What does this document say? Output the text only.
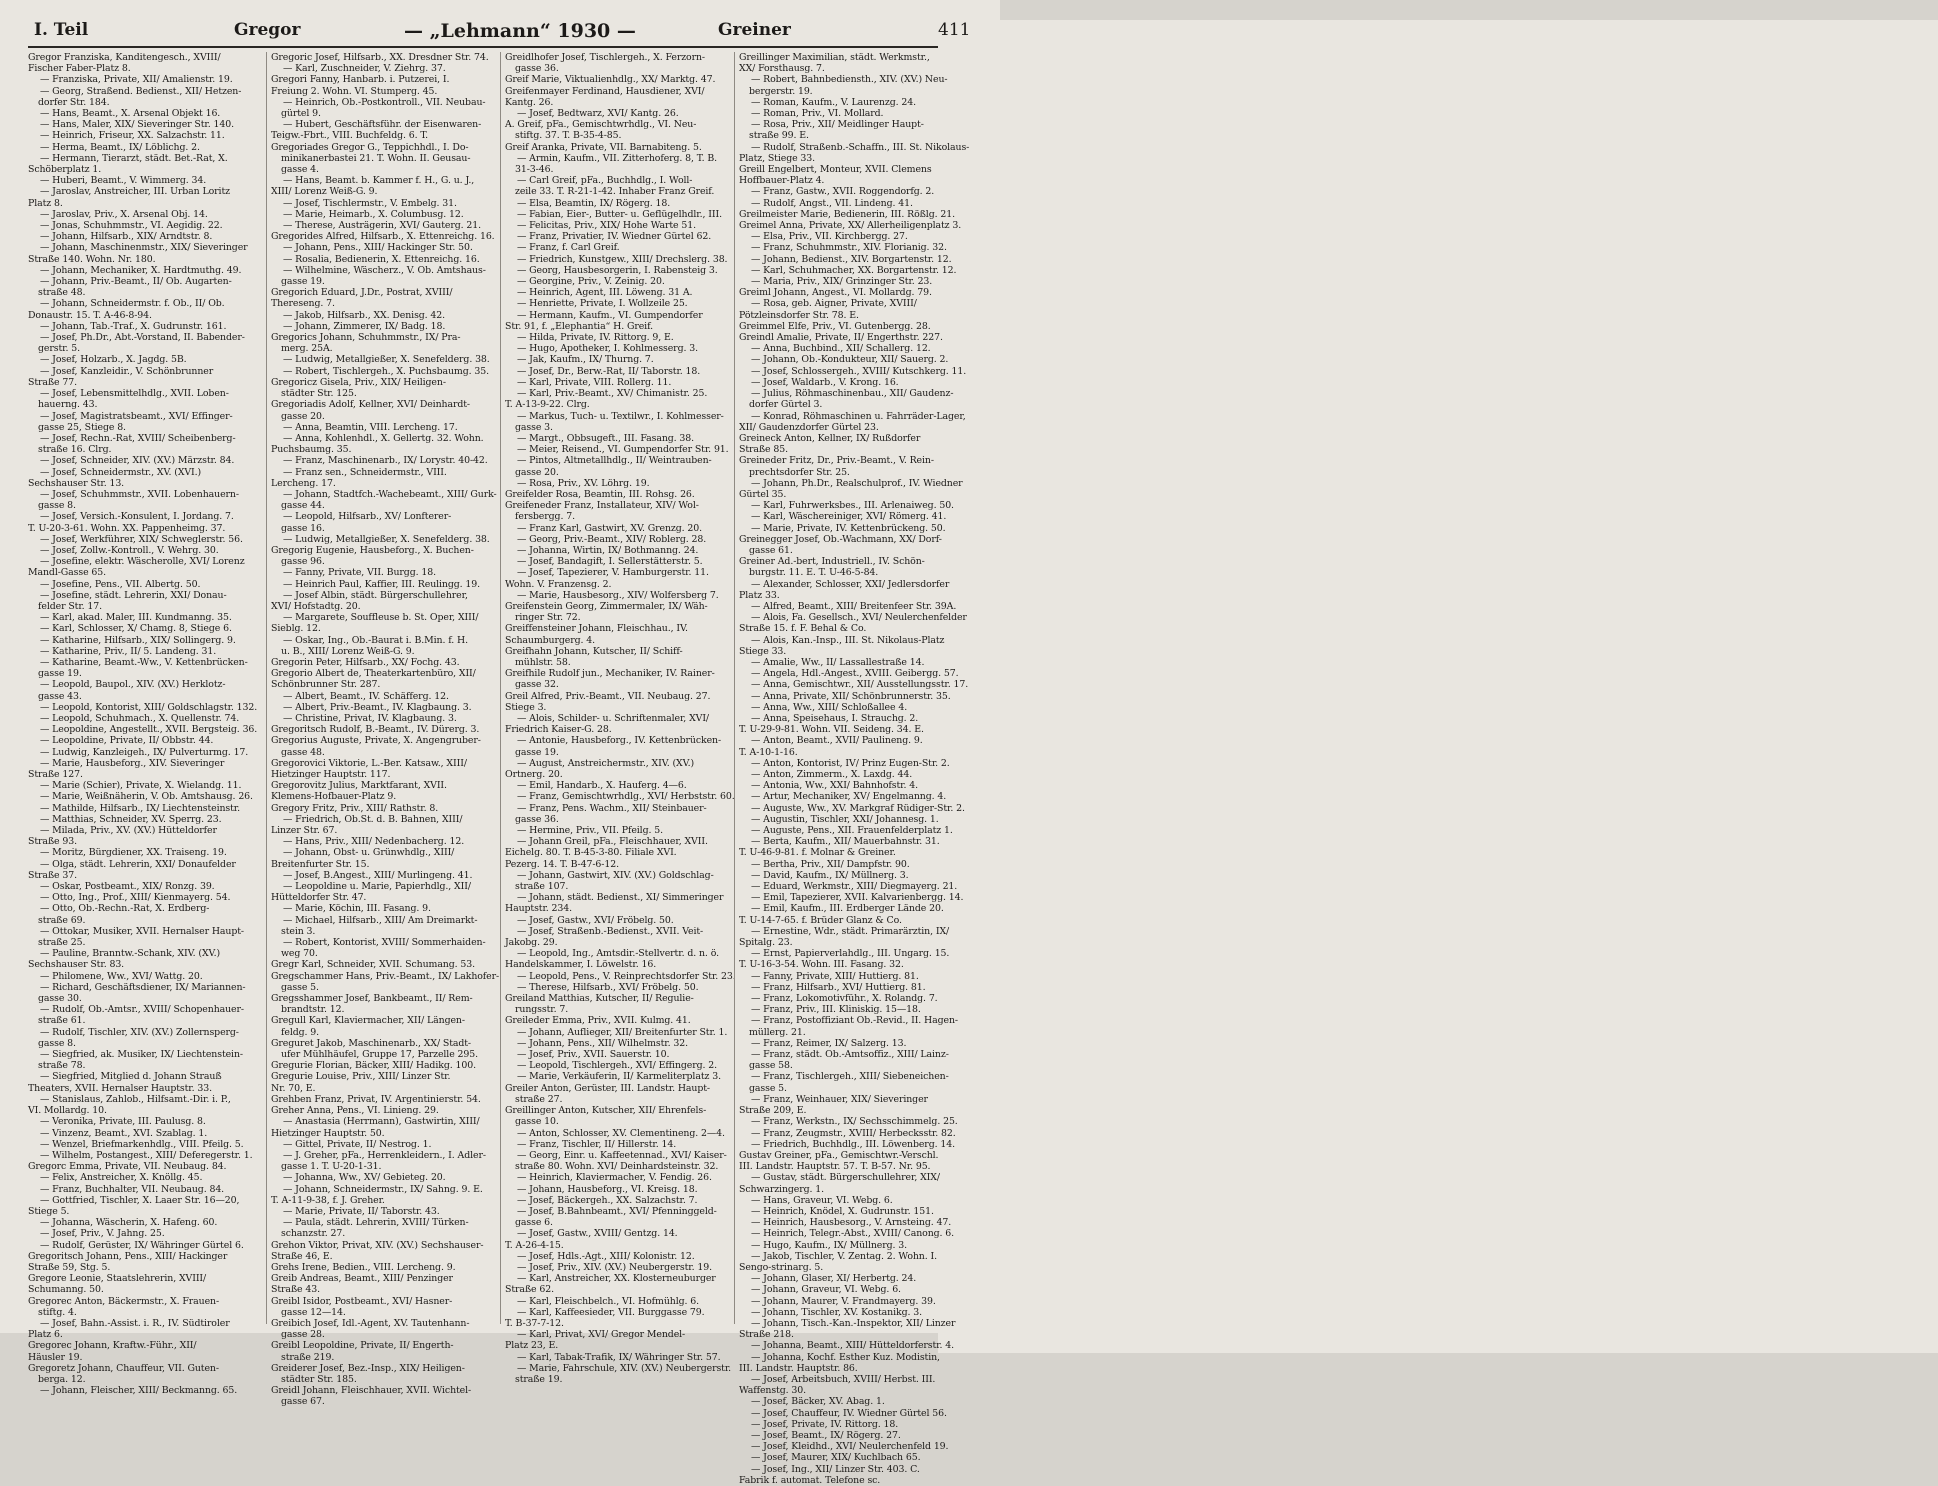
I. Teil	Gregor	— „Lehmann“ 1930 —	Greiner	411
Gregor Franziska, Kanditengesch., XVIII/
Fischer Faber-Platz 8.
— Franziska, Private, XII/ Amalienstr. 19.
— Georg, Straßend. Bedienst., XII/ Hetzen-
dorfer Str. 184.
— Hans, Beamt., X. Arsenal Objekt 16.
— Hans, Maler, XIX/ Sieveringer Str. 140.
— Heinrich, Friseur, XX. Salzachstr. 11.
— Herma, Beamt., IX/ Löblichg. 2.
— Hermann, Tierarzt, städt. Bet.-Rat, X.
Schöberplatz 1.
— Huberi, Beamt., V. Wimmerg. 34.
— Jaroslav, Anstreicher, III. Urban Loritz
Platz 8.
— Jaroslav, Priv., X. Arsenal Obj. 14.
— Jonas, Schuhmmstr., VI. Aegidig. 22.
— Johann, Hilfsarb., XIX/ Arndtstr. 8.
— Johann, Maschinenmstr., XIX/ Sieveringer
Straße 140. Wohn. Nr. 180.
— Johann, Mechaniker, X. Hardtmuthg. 49.
— Johann, Priv.-Beamt., II/ Ob. Augarten-
straße 48.
— Johann, Schneidermstr. f. Ob., II/ Ob.
Donaustr. 15. T. A-46-8-94.
— Johann, Tab.-Traf., X. Gudrunstr. 161.
— Josef, Ph.Dr., Abt.-Vorstand, II. Babender-
gerstr. 5.
— Josef, Holzarb., X. Jagdg. 5B.
— Josef, Kanzleidir., V. Schönbrunner
Straße 77.
— Josef, Lebensmittelhdlg., XVII. Loben-
hauerng. 43.
— Josef, Magistratsbeamt., XVI/ Effinger-
gasse 25, Stiege 8.
— Josef, Rechn.-Rat, XVIII/ Scheibenberg-
straße 16. Clrg.
— Josef, Schneider, XIV. (XV.) Märzstr. 84.
— Josef, Schneidermstr., XV. (XVI.)
Sechshauser Str. 13.
— Josef, Schuhmmstr., XVII. Lobenhauern-
gasse 8.
— Josef, Versich.-Konsulent, I. Jordang. 7.
T. U-20-3-61. Wohn. XX. Pappenheimg. 37.
— Josef, Werkführer, XIX/ Schweglerstr. 56.
— Josef, Zollw.-Kontroll., V. Wehrg. 30.
— Josefine, elektr. Wäscherolle, XVI/ Lorenz
Mandl-Gasse 65.
— Josefine, Pens., VII. Albertg. 50.
— Josefine, städt. Lehrerin, XXI/ Donau-
felder Str. 17.
— Karl, akad. Maler, III. Kundmanng. 35.
— Karl, Schlosser, X/ Chamg. 8, Stiege 6.
— Katharine, Hilfsarb., XIX/ Sollingerg. 9.
— Katharine, Priv., II/ 5. Landeng. 31.
— Katharine, Beamt.-Ww., V. Kettenbrücken-
gasse 19.
— Leopold, Baupol., XIV. (XV.) Herklotz-
gasse 43.
— Leopold, Kontorist, XIII/ Goldschlagstr. 132.
— Leopold, Schuhmach., X. Quellenstr. 74.
— Leopoldine, Angestellt., XVII. Bergsteig. 36.
— Leopoldine, Private, II/ Obbstr. 44.
— Ludwig, Kanzleigeh., IX/ Pulverturmg. 17.
— Marie, Hausbeforg., XIV. Sieveringer
Straße 127.
— Marie (Schier), Private, X. Wielandg. 11.
— Marie, Weißnäherin, V. Ob. Amtshausg. 26.
— Mathilde, Hilfsarb., IX/ Liechtensteinstr.
— Matthias, Schneider, XV. Sperrg. 23.
— Milada, Priv., XV. (XV.) Hütteldorfer
Straße 93.
— Moritz, Bürgdiener, XX. Traiseng. 19.
— Olga, städt. Lehrerin, XXI/ Donaufelder
Straße 37.
— Oskar, Postbeamt., XIX/ Ronzg. 39.
— Otto, Ing., Prof., XIII/ Kienmayerg. 54.
— Otto, Ob.-Rechn.-Rat, X. Erdberg-
straße 69.
— Ottokar, Musiker, XVII. Hernalser Haupt-
straße 25.
— Pauline, Branntw.-Schank, XIV. (XV.)
Sechshauser Str. 83.
— Philomene, Ww., XVI/ Wattg. 20.
— Richard, Geschäftsdiener, IX/ Mariannen-
gasse 30.
— Rudolf, Ob.-Amtsr., XVIII/ Schopenhauer-
straße 61.
— Rudolf, Tischler, XIV. (XV.) Zollernsperg-
gasse 8.
— Siegfried, ak. Musiker, IX/ Liechtenstein-
straße 78.
— Siegfried, Mitglied d. Johann Strauß
Theaters, XVII. Hernalser Hauptstr. 33.
— Stanislaus, Zahlob., Hilfsamt.-Dir. i. P.,
VI. Mollardg. 10.
— Veronika, Private, III. Paulusg. 8.
— Vinzenz, Beamt., XVI. Szablag. 1.
— Wenzel, Briefmarkenhdlg., VIII. Pfeilg. 5.
— Wilhelm, Postangest., XIII/ Deferegerstr. 1.
Gregorc Emma, Private, VII. Neubaug. 84.
— Felix, Anstreicher, X. Knöllg. 45.
— Franz, Buchhalter, VII. Neubaug. 84.
— Gottfried, Tischler, X. Laaer Str. 16—20,
Stiege 5.
— Johanna, Wäscherin, X. Hafeng. 60.
— Josef, Priv., V. Jahng. 25.
— Rudolf, Gerüster, IX/ Währinger Gürtel 6.
Gregoritsch Johann, Pens., XIII/ Hackinger
Straße 59, Stg. 5.
Gregore Leonie, Staatslehrerin, XVIII/
Schumanng. 50.
Gregorec Anton, Bäckermstr., X. Frauen-
stiftg. 4.
— Josef, Bahn.-Assist. i. R., IV. Südtiroler
Platz 6.
Gregorec Johann, Kraftw.-Führ., XII/
Häusler 19.
Gregoretz Johann, Chauffeur, VII. Guten-
berga. 12.
— Johann, Fleischer, XIII/ Beckmanng. 65.
Gregoric Josef, Hilfsarb., XX. Dresdner Str. 74.
— Karl, Zuschneider, V. Ziehrg. 37.
Gregori Fanny, Hanbarb. i. Putzerei, I.
Freiung 2. Wohn. VI. Stumperg. 45.
— Heinrich, Ob.-Postkontroll., VII. Neubau-
gürtel 9.
— Hubert, Geschäftsführ. der Eisenwaren-
Teigw.-Fbrt., VIII. Buchfeldg. 6. T.
Gregoriades Gregor G., Teppichhdl., I. Do-
minikanerbastei 21. T. Wohn. II. Geusau-
gasse 4.
— Hans, Beamt. b. Kammer f. H., G. u. J.,
XIII/ Lorenz Weiß-G. 9.
— Josef, Tischlermstr., V. Embelg. 31.
— Marie, Heimarb., X. Columbusg. 12.
— Therese, Austrägerin, XVI/ Gauterg. 21.
Gregorides Alfred, Hilfsarb., X. Ettenreichg. 16.
— Johann, Pens., XIII/ Hackinger Str. 50.
— Rosalia, Bedienerin, X. Ettenreichg. 16.
— Wilhelmine, Wäscherz., V. Ob. Amtshaus-
gasse 19.
Gregorich Eduard, J.Dr., Postrat, XVIII/
Thereseng. 7.
— Jakob, Hilfsarb., XX. Denisg. 42.
— Johann, Zimmerer, IX/ Badg. 18.
Gregorics Johann, Schuhmmstr., IX/ Pra-
merg. 25A.
— Ludwig, Metallgießer, X. Senefelderg. 38.
— Robert, Tischlergeh., X. Puchsbaumg. 35.
Gregoricz Gisela, Priv., XIX/ Heiligen-
städter Str. 125.
Gregoriadis Adolf, Kellner, XVI/ Deinhardt-
gasse 20.
— Anna, Beamtin, VIII. Lercheng. 17.
— Anna, Kohlenhdl., X. Gellertg. 32. Wohn.
Puchsbaumg. 35.
— Franz, Maschinenarb., IX/ Lorystr. 40-42.
— Franz sen., Schneidermstr., VIII.
Lercheng. 17.
— Johann, Stadtfch.-Wachebeamt., XIII/ Gurk-
gasse 44.
— Leopold, Hilfsarb., XV/ Lonfterer-
gasse 16.
— Ludwig, Metallgießer, X. Senefelderg. 38.
Gregorig Eugenie, Hausbeforg., X. Buchen-
gasse 96.
— Fanny, Private, VII. Burgg. 18.
— Heinrich Paul, Kaffier, III. Reulingg. 19.
— Josef Albin, städt. Bürgerschullehrer,
XVI/ Hofstadtg. 20.
— Margarete, Souffleuse b. St. Oper, XIII/
Sieblg. 12.
— Oskar, Ing., Ob.-Baurat i. B.Min. f. H.
u. B., XIII/ Lorenz Weiß-G. 9.
Gregorin Peter, Hilfsarb., XX/ Fochg. 43.
Gregorio Albert de, Theaterkartenbüro, XII/
Schönbrunner Str. 287.
— Albert, Beamt., IV. Schäfferg. 12.
— Albert, Priv.-Beamt., IV. Klagbaung. 3.
— Christine, Privat, IV. Klagbaung. 3.
Gregoritsch Rudolf, B.-Beamt., IV. Dürerg. 3.
Gregorius Auguste, Private, X. Angengruber-
gasse 48.
Gregorovici Viktorie, L.-Ber. Katsaw., XIII/
Hietzinger Hauptstr. 117.
Gregorovitz Julius, Marktfarant, XVII.
Klemens-Hofbauer-Platz 9.
Gregory Fritz, Priv., XIII/ Rathstr. 8.
— Friedrich, Ob.St. d. B. Bahnen, XIII/
Linzer Str. 67.
— Hans, Priv., XIII/ Nedenbacherg. 12.
— Johann, Obst- u. Grünwhdlg., XIII/
Breitenfurter Str. 15.
— Josef, B.Angest., XIII/ Murlingeng. 41.
— Leopoldine u. Marie, Papierhdlg., XII/
Hütteldorfer Str. 47.
— Marie, Köchin, III. Fasang. 9.
— Michael, Hilfsarb., XIII/ Am Dreimarkt-
stein 3.
— Robert, Kontorist, XVIII/ Sommerhaiden-
weg 70.
Gregr Karl, Schneider, XVII. Schumang. 53.
Gregschammer Hans, Priv.-Beamt., IX/ Lakhofer-
gasse 5.
Gregsshammer Josef, Bankbeamt., II/ Rem-
brandtstr. 12.
Gregull Karl, Klaviermacher, XII/ Längen-
feldg. 9.
Greguret Jakob, Maschinenarb., XX/ Stadt-
ufer Mühlhäufel, Gruppe 17, Parzelle 295.
Gregurie Florian, Bäcker, XIII/ Hadikg. 100.
Gregurie Louise, Priv., XIII/ Linzer Str.
Nr. 70, E.
Grehben Franz, Privat, IV. Argentinierstr. 54.
Greher Anna, Pens., VI. Linieng. 29.
— Anastasia (Herrmann), Gastwirtin, XIII/
Hietzinger Hauptstr. 50.
— Gittel, Private, II/ Nestrog. 1.
— J. Greher, pFa., Herrenkleidern., I. Adler-
gasse 1. T. U-20-1-31.
— Johanna, Ww., XV/ Gebieteg. 20.
— Johann, Schneidermstr., IX/ Sahng. 9. E.
T. A-11-9-38, f. J. Greher.
— Marie, Private, II/ Taborstr. 43.
— Paula, städt. Lehrerin, XVIII/ Türken-
schanzstr. 27.
Grehon Viktor, Privat, XIV. (XV.) Sechshauser-
Straße 46, E.
Grehs Irene, Bedien., VIII. Lercheng. 9.
Greib Andreas, Beamt., XIII/ Penzinger
Straße 43.
Greibl Isidor, Postbeamt., XVI/ Hasner-
gasse 12—14.
Greibich Josef, Idl.-Agent, XV. Tautenhann-
gasse 28.
Greibl Leopoldine, Private, II/ Engerth-
straße 219.
Greiderer Josef, Bez.-Insp., XIX/ Heiligen-
städter Str. 185.
Greidl Johann, Fleischhauer, XVII. Wichtel-
gasse 67.
Greidlhofer Josef, Tischlergeh., X. Ferzorn-
gasse 36.
Greif Marie, Viktualienhdlg., XX/ Marktg. 47.
Greifenmayer Ferdinand, Hausdiener, XVI/
Kantg. 26.
— Josef, Bedtwarz, XVI/ Kantg. 26.
A. Greif, pFa., Gemischtwrhdlg., VI. Neu-
stiftg. 37. T. B-35-4-85.
Greif Aranka, Private, VII. Barnabiteng. 5.
— Armin, Kaufm., VII. Zitterhoferg. 8, T. B.
31-3-46.
— Carl Greif, pFa., Buchhdlg., I. Woll-
zeile 33. T. R-21-1-42. Inhaber Franz Greif.
— Elsa, Beamtin, IX/ Rögerg. 18.
— Fabian, Eier-, Butter- u. Geflügelhdlr., III.
— Felicitas, Priv., XIX/ Hohe Warte 51.
— Franz, Privatier, IV. Wiedner Gürtel 62.
— Franz, f. Carl Greif.
— Friedrich, Kunstgew., XIII/ Drechslerg. 38.
— Georg, Hausbesorgerin, I. Rabensteig 3.
— Georgine, Priv., V. Zeinig. 20.
— Heinrich, Agent, III. Löweng. 31 A.
— Henriette, Private, I. Wollzeile 25.
— Hermann, Kaufm., VI. Gumpendorfer
Str. 91, f. „Elephantia“ H. Greif.
— Hilda, Private, IV. Rittorg. 9, E.
— Hugo, Apotheker, I. Kohlmesserg. 3.
— Jak, Kaufm., IX/ Thurng. 7.
— Josef, Dr., Berw.-Rat, II/ Taborstr. 18.
— Karl, Private, VIII. Rollerg. 11.
— Karl, Priv.-Beamt., XV/ Chimanistr. 25.
T. A-13-9-22. Clrg.
— Markus, Tuch- u. Textilwr., I. Kohlmesser-
gasse 3.
— Margt., Obbsugeft., III. Fasang. 38.
— Meier, Reisend., VI. Gumpendorfer Str. 91.
— Pintos, Altmetallhdlg., II/ Weintrauben-
gasse 20.
— Rosa, Priv., XV. Löhrg. 19.
Greifelder Rosa, Beamtin, III. Rohsg. 26.
Greifeneder Franz, Installateur, XIV/ Wol-
fersbergg. 7.
— Franz Karl, Gastwirt, XV. Grenzg. 20.
— Georg, Priv.-Beamt., XIV/ Roblerg. 28.
— Johanna, Wirtin, IX/ Bothmanng. 24.
— Josef, Bandagift, I. Sellerstätterstr. 5.
— Josef, Tapezierer, V. Hamburgerstr. 11.
Wohn. V. Franzensg. 2.
— Marie, Hausbesorg., XIV/ Wolfersberg 7.
Greifenstein Georg, Zimmermaler, IX/ Wäh-
ringer Str. 72.
Greiffensteiner Johann, Fleischhau., IV.
Schaumburgerg. 4.
Greifhahn Johann, Kutscher, II/ Schiff-
mühlstr. 58.
Greifhile Rudolf jun., Mechaniker, IV. Rainer-
gasse 32.
Greil Alfred, Priv.-Beamt., VII. Neubaug. 27.
Stiege 3.
— Alois, Schilder- u. Schriftenmaler, XVI/
Friedrich Kaiser-G. 28.
— Antonie, Hausbeforg., IV. Kettenbrücken-
gasse 19.
— August, Anstreichermstr., XIV. (XV.)
Ortnerg. 20.
— Emil, Handarb., X. Hauferg. 4—6.
— Franz, Gemischtwrhdlg., XVI/ Herbststr. 60.
— Franz, Pens. Wachm., XII/ Steinbauer-
gasse 36.
— Hermine, Priv., VII. Pfeilg. 5.
— Johann Greil, pFa., Fleischhauer, XVII.
Eichelg. 80. T. B-45-3-80. Filiale XVI.
Pezerg. 14. T. B-47-6-12.
— Johann, Gastwirt, XIV. (XV.) Goldschlag-
straße 107.
— Johann, städt. Bedienst., XI/ Simmeringer
Hauptstr. 234.
— Josef, Gastw., XVI/ Fröbelg. 50.
— Josef, Straßenb.-Bedienst., XVII. Veit-
Jakobg. 29.
— Leopold, Ing., Amtsdir.-Stellvertr. d. n. ö.
Handelskammer, I. Löwelstr. 16.
— Leopold, Pens., V. Reinprechtsdorfer Str. 23.
— Therese, Hilfsarb., XVI/ Fröbelg. 50.
Greiland Matthias, Kutscher, II/ Regulie-
rungsstr. 7.
Greileder Emma, Priv., XVII. Kulmg. 41.
— Johann, Auflieger, XII/ Breitenfurter Str. 1.
— Johann, Pens., XII/ Wilhelmstr. 32.
— Josef, Priv., XVII. Sauerstr. 10.
— Leopold, Tischlergeh., XVI/ Effingerg. 2.
— Marie, Verkäuferin, II/ Karmeliterplatz 3.
Greiler Anton, Gerüster, III. Landstr. Haupt-
straße 27.
Greillinger Anton, Kutscher, XII/ Ehrenfels-
gasse 10.
— Anton, Schlosser, XV. Clementineng. 2—4.
— Franz, Tischler, II/ Hillerstr. 14.
— Georg, Einr. u. Kaffeetennad., XVI/ Kaiser-
straße 80. Wohn. XVI/ Deinhardsteinstr. 32.
— Heinrich, Klaviermacher, V. Fendig. 26.
— Johann, Hausbeforg., VI. Kreisg. 18.
— Josef, Bäckergeh., XX. Salzachstr. 7.
— Josef, B.Bahnbeamt., XVI/ Pfenninggeld-
gasse 6.
— Josef, Gastw., XVIII/ Gentzg. 14.
T. A-26-4-15.
— Josef, Hdls.-Agt., XIII/ Kolonistr. 12.
— Josef, Priv., XIV. (XV.) Neubergerstr. 19.
— Karl, Anstreicher, XX. Klosterneuburger
Straße 62.
— Karl, Fleischbelch., VI. Hofmühlg. 6.
— Karl, Kaffeesieder, VII. Burggasse 79.
T. B-37-7-12.
— Karl, Privat, XVI/ Gregor Mendel-
Platz 23, E.
— Karl, Tabak-Trafik, IX/ Währinger Str. 57.
— Marie, Fahrschule, XIV. (XV.) Neubergerstr.
straße 19.
Greillinger Maximilian, städt. Werkmstr.,
XX/ Forsthausg. 7.
— Robert, Bahnbediensth., XIV. (XV.) Neu-
bergerstr. 19.
— Roman, Kaufm., V. Laurenzg. 24.
— Roman, Priv., VI. Mollard.
— Rosa, Priv., XII/ Meidlinger Haupt-
straße 99. E.
— Rudolf, Straßenb.-Schaffn., III. St. Nikolaus-
Platz, Stiege 33.
Greill Engelbert, Monteur, XVII. Clemens
Hoffbauer-Platz 4.
— Franz, Gastw., XVII. Roggendorfg. 2.
— Rudolf, Angst., VII. Lindeng. 41.
Greilmeister Marie, Bedienerin, III. Rößlg. 21.
Greimel Anna, Private, XX/ Allerheiligenplatz 3.
— Elsa, Priv., VII. Kirchbergg. 27.
— Franz, Schuhmmstr., XIV. Florianig. 32.
— Johann, Bedienst., XIV. Borgartenstr. 12.
— Karl, Schuhmacher, XX. Borgartenstr. 12.
— Maria, Priv., XIX/ Grinzinger Str. 23.
Greiml Johann, Angest., VI. Mollardg. 79.
— Rosa, geb. Aigner, Private, XVIII/
Pötzleinsdorfer Str. 78. E.
Greimmel Elfe, Priv., VI. Gutenbergg. 28.
Greindl Amalie, Private, II/ Engerthstr. 227.
— Anna, Buchbind., XII/ Schallerg. 12.
— Johann, Ob.-Kondukteur, XII/ Sauerg. 2.
— Josef, Schlossergeh., XVIII/ Kutschkerg. 11.
— Josef, Waldarb., V. Krong. 16.
— Julius, Röhmaschinenbau., XII/ Gaudenz-
dorfer Gürtel 3.
— Konrad, Röhmaschinen u. Fahrräder-Lager,
XII/ Gaudenzdorfer Gürtel 23.
Greineck Anton, Kellner, IX/ Rußdorfer
Straße 85.
Greineder Fritz, Dr., Priv.-Beamt., V. Rein-
prechtsdorfer Str. 25.
— Johann, Ph.Dr., Realschulprof., IV. Wiedner
Gürtel 35.
— Karl, Fuhrwerksbes., III. Arlenaiweg. 50.
— Karl, Wäschereiniger, XVI/ Römerg. 41.
— Marie, Private, IV. Kettenbrückeng. 50.
Greinegger Josef, Ob.-Wachmann, XX/ Dorf-
gasse 61.
Greiner Ad.-bert, Industriell., IV. Schön-
burgstr. 11. E. T. U-46-5-84.
— Alexander, Schlosser, XXI/ Jedlersdorfer
Platz 33.
— Alfred, Beamt., XIII/ Breitenfeer Str. 39A.
— Alois, Fa. Gesellsch., XVI/ Neulerchenfelder
Straße 15. f. F. Behal & Co.
— Alois, Kan.-Insp., III. St. Nikolaus-Platz
Stiege 33.
— Amalie, Ww., II/ Lassallestraße 14.
— Angela, Hdl.-Angest., XVIII. Geibergg. 57.
— Anna, Gemischtwr., XII/ Ausstellungsstr. 17.
— Anna, Private, XII/ Schönbrunnerstr. 35.
— Anna, Ww., XIII/ Schloßallee 4.
— Anna, Speisehaus, I. Strauchg. 2.
T. U-29-9-81. Wohn. VII. Seideng. 34. E.
— Anton, Beamt., XVII/ Paulineng. 9.
T. A-10-1-16.
— Anton, Kontorist, IV/ Prinz Eugen-Str. 2.
— Anton, Zimmerm., X. Laxdg. 44.
— Antonia, Ww., XXI/ Bahnhofstr. 4.
— Artur, Mechaniker, XV/ Engelmanng. 4.
— Auguste, Ww., XV. Markgraf Rüdiger-Str. 2.
— Augustin, Tischler, XXI/ Johannesg. 1.
— Auguste, Pens., XII. Frauenfelderplatz 1.
— Berta, Kaufm., XII/ Mauerbahnstr. 31.
T. U-46-9-81. f. Molnar & Greiner.
— Bertha, Priv., XII/ Dampfstr. 90.
— David, Kaufm., IX/ Müllnerg. 3.
— Eduard, Werkmstr., XIII/ Diegmayerg. 21.
— Emil, Tapezierer, XVII. Kalvarienbergg. 14.
— Emil, Kaufm., III. Erdberger Lände 20.
T. U-14-7-65. f. Brüder Glanz & Co.
— Ernestine, Wdr., städt. Primarärztin, IX/
Spitalg. 23.
— Ernst, Papierverlahdlg., III. Ungarg. 15.
T. U-16-3-54. Wohn. III. Fasang. 32.
— Fanny, Private, XIII/ Huttierg. 81.
— Franz, Hilfsarb., XVI/ Huttierg. 81.
— Franz, Lokomotivführ., X. Rolandg. 7.
— Franz, Priv., III. Kliniskig. 15—18.
— Franz, Postoffiziant Ob.-Revid., II. Hagen-
müllerg. 21.
— Franz, Reimer, IX/ Salzerg. 13.
— Franz, städt. Ob.-Amtsoffiz., XIII/ Lainz-
gasse 58.
— Franz, Tischlergeh., XIII/ Siebeneichen-
gasse 5.
— Franz, Weinhauer, XIX/ Sieveringer
Straße 209, E.
— Franz, Werkstn., IX/ Sechsschimmelg. 25.
— Franz, Zeugmstr., XVIII/ Herbecksstr. 82.
— Friedrich, Buchhdlg., III. Löwenberg. 14.
Gustav Greiner, pFa., Gemischtwr.-Verschl.
III. Landstr. Hauptstr. 57. T. B-57. Nr. 95.
— Gustav, städt. Bürgerschullehrer, XIX/
Schwarzingerg. 1.
— Hans, Graveur, VI. Webg. 6.
— Heinrich, Knödel, X. Gudrunstr. 151.
— Heinrich, Hausbesorg., V. Arnsteing. 47.
— Heinrich, Telegr.-Abst., XVIII/ Canong. 6.
— Hugo, Kaufm., IX/ Müllnerg. 3.
— Jakob, Tischler, V. Zentag. 2. Wohn. I.
Sengo-strinarg. 5.
— Johann, Glaser, XI/ Herbertg. 24.
— Johann, Graveur, VI. Webg. 6.
— Johann, Maurer, V. Frandmayerg. 39.
— Johann, Tischler, XV. Kostanikg. 3.
— Johann, Tisch.-Kan.-Inspektor, XII/ Linzer
Straße 218.
— Johanna, Beamt., XIII/ Hütteldorferstr. 4.
— Johanna, Kochf. Esther Kuz. Modistin,
III. Landstr. Hauptstr. 86.
— Josef, Arbeitsbuch, XVIII/ Herbst. III.
Waffenstg. 30.
— Josef, Bäcker, XV. Abag. 1.
— Josef, Chauffeur, IV. Wiedner Gürtel 56.
— Josef, Private, IV. Rittorg. 18.
— Josef, Beamt., IX/ Rögerg. 27.
— Josef, Kleidhd., XVI/ Neulerchenfeld 19.
— Josef, Maurer, XIX/ Kuchlbach 65.
— Josef, Ing., XII/ Linzer Str. 403. C.
Fabrik f. automat. Telefone sc.
